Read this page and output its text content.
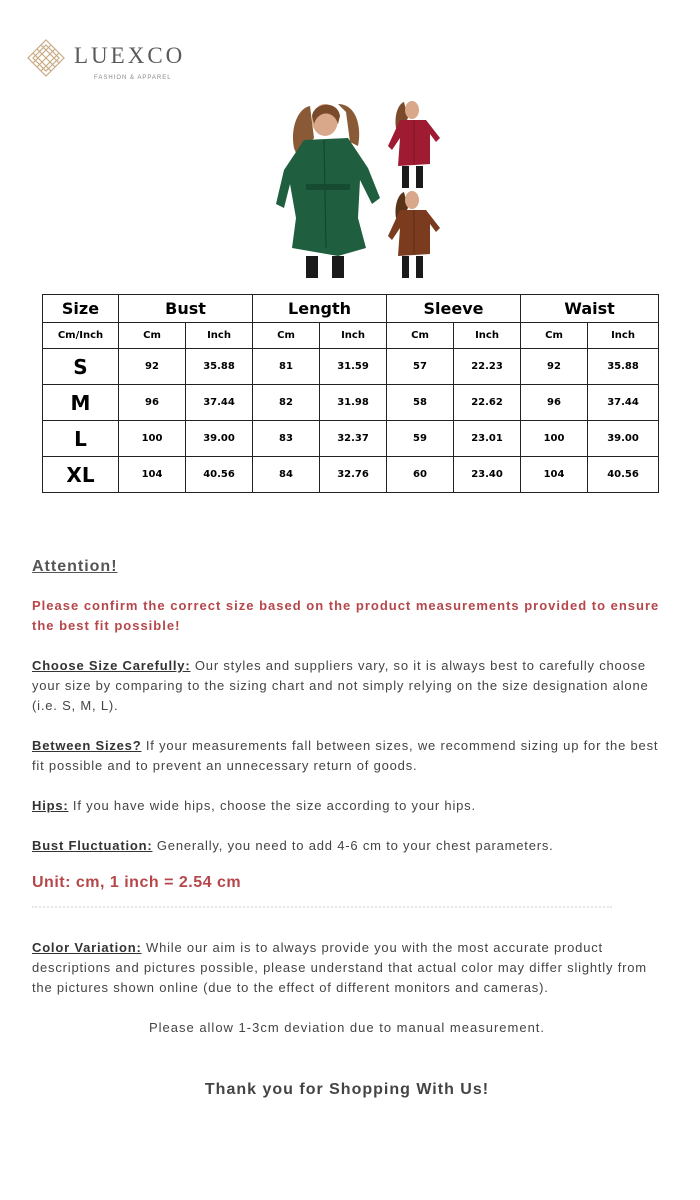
LUEXCO
FASHION & APPAREL
Size	Bust		Length		Sleeve		Waist	
Cm/Inch	Cm	Inch	Cm	Inch	Cm	Inch	Cm	Inch
S	92	35.88	81	31.59	57	22.23	92	35.88
M	96	37.44	82	31.98	58	22.62	96	37.44
L	100	39.00	83	32.37	59	23.01	100	39.00
XL	104	40.56	84	32.76	60	23.40	104	40.56
Attention!
Please confirm the correct size based on the product measurements provided to ensure the best fit possible!
Choose Size Carefully: Our styles and suppliers vary, so it is always best to carefully choose your size by comparing to the sizing chart and not simply relying on the size designation alone (i.e. S, M, L).
Between Sizes? If your measurements fall between sizes, we recommend sizing up for the best fit possible and to prevent an unnecessary return of goods.
Hips: If you have wide hips, choose the size according to your hips.
Bust Fluctuation: Generally, you need to add 4-6 cm to your chest parameters.
Unit: cm, 1 inch = 2.54 cm
Color Variation: While our aim is to always provide you with the most accurate product descriptions and pictures possible, please understand that actual color may differ slightly from the pictures shown online (due to the effect of different monitors and cameras).
Please allow 1-3cm deviation due to manual measurement.
Thank you for Shopping With Us!
